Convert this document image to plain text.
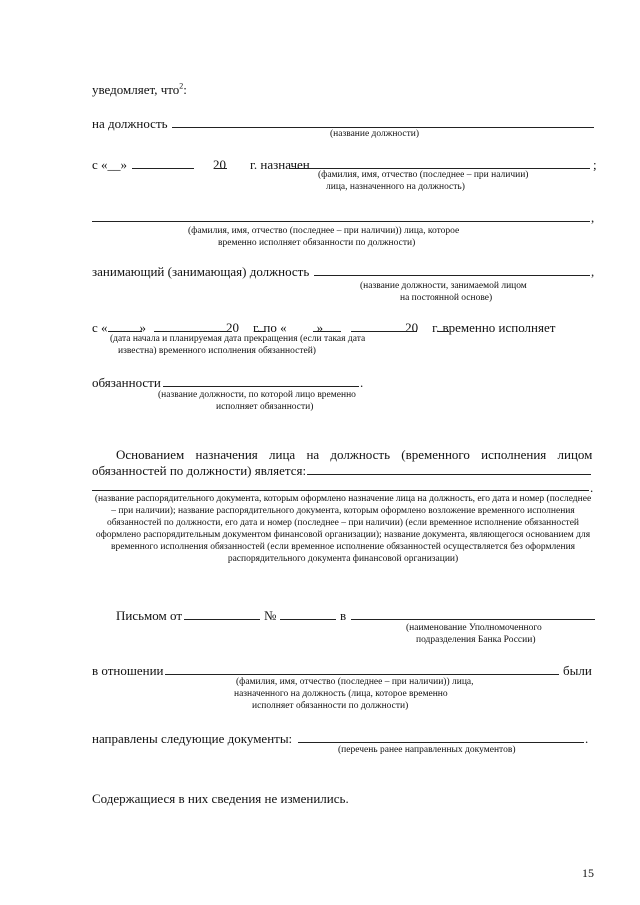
уведомляет, что$^2$:
на должность
(название должности)
с «__»	20 г. назначен	;
(фамилия, имя, отчество (последнее – при наличии)
лица, назначенного на должность)
,
(фамилия, имя, отчество (последнее – при наличии)) лица, которое
временно исполняет обязанности по должности)
занимающий (занимающая) должность	,
(название должности, занимаемой лицом
на постоянной основе)
с « »	20 г. по « »	20 г. временно исполняет
(дата начала и планируемая дата прекращения (если такая дата
известна) временного исполнения обязанностей)
обязанности	.
(название должности, по которой лицо временно
исполняет обязанности)
Основанием назначения лица на должность (временного исполнения лицом
обязанностей по должности) является:
.
(название распорядительного документа, которым оформлено назначение лица на должность, его дата и номер (последнее – при наличии); название распорядительного документа, которым оформлено возложение временного исполнения обязанностей по должности, его дата и номер (последнее – при наличии) (если временное исполнение обязанностей оформлено распорядительным документом финансовой организации); название документа, являющегося основанием для временного исполнения обязанностей (если временное исполнение обязанностей осуществляется без оформления распорядительного документа финансовой организации)
Письмом от	№	в
(наименование Уполномоченного
подразделения Банка России)
в отношении	были
(фамилия, имя, отчество (последнее – при наличии)) лица,
назначенного на должность (лица, которое временно
исполняет обязанности по должности)
направлены следующие документы:	.
(перечень ранее направленных документов)
Содержащиеся в них сведения не изменились.
15
